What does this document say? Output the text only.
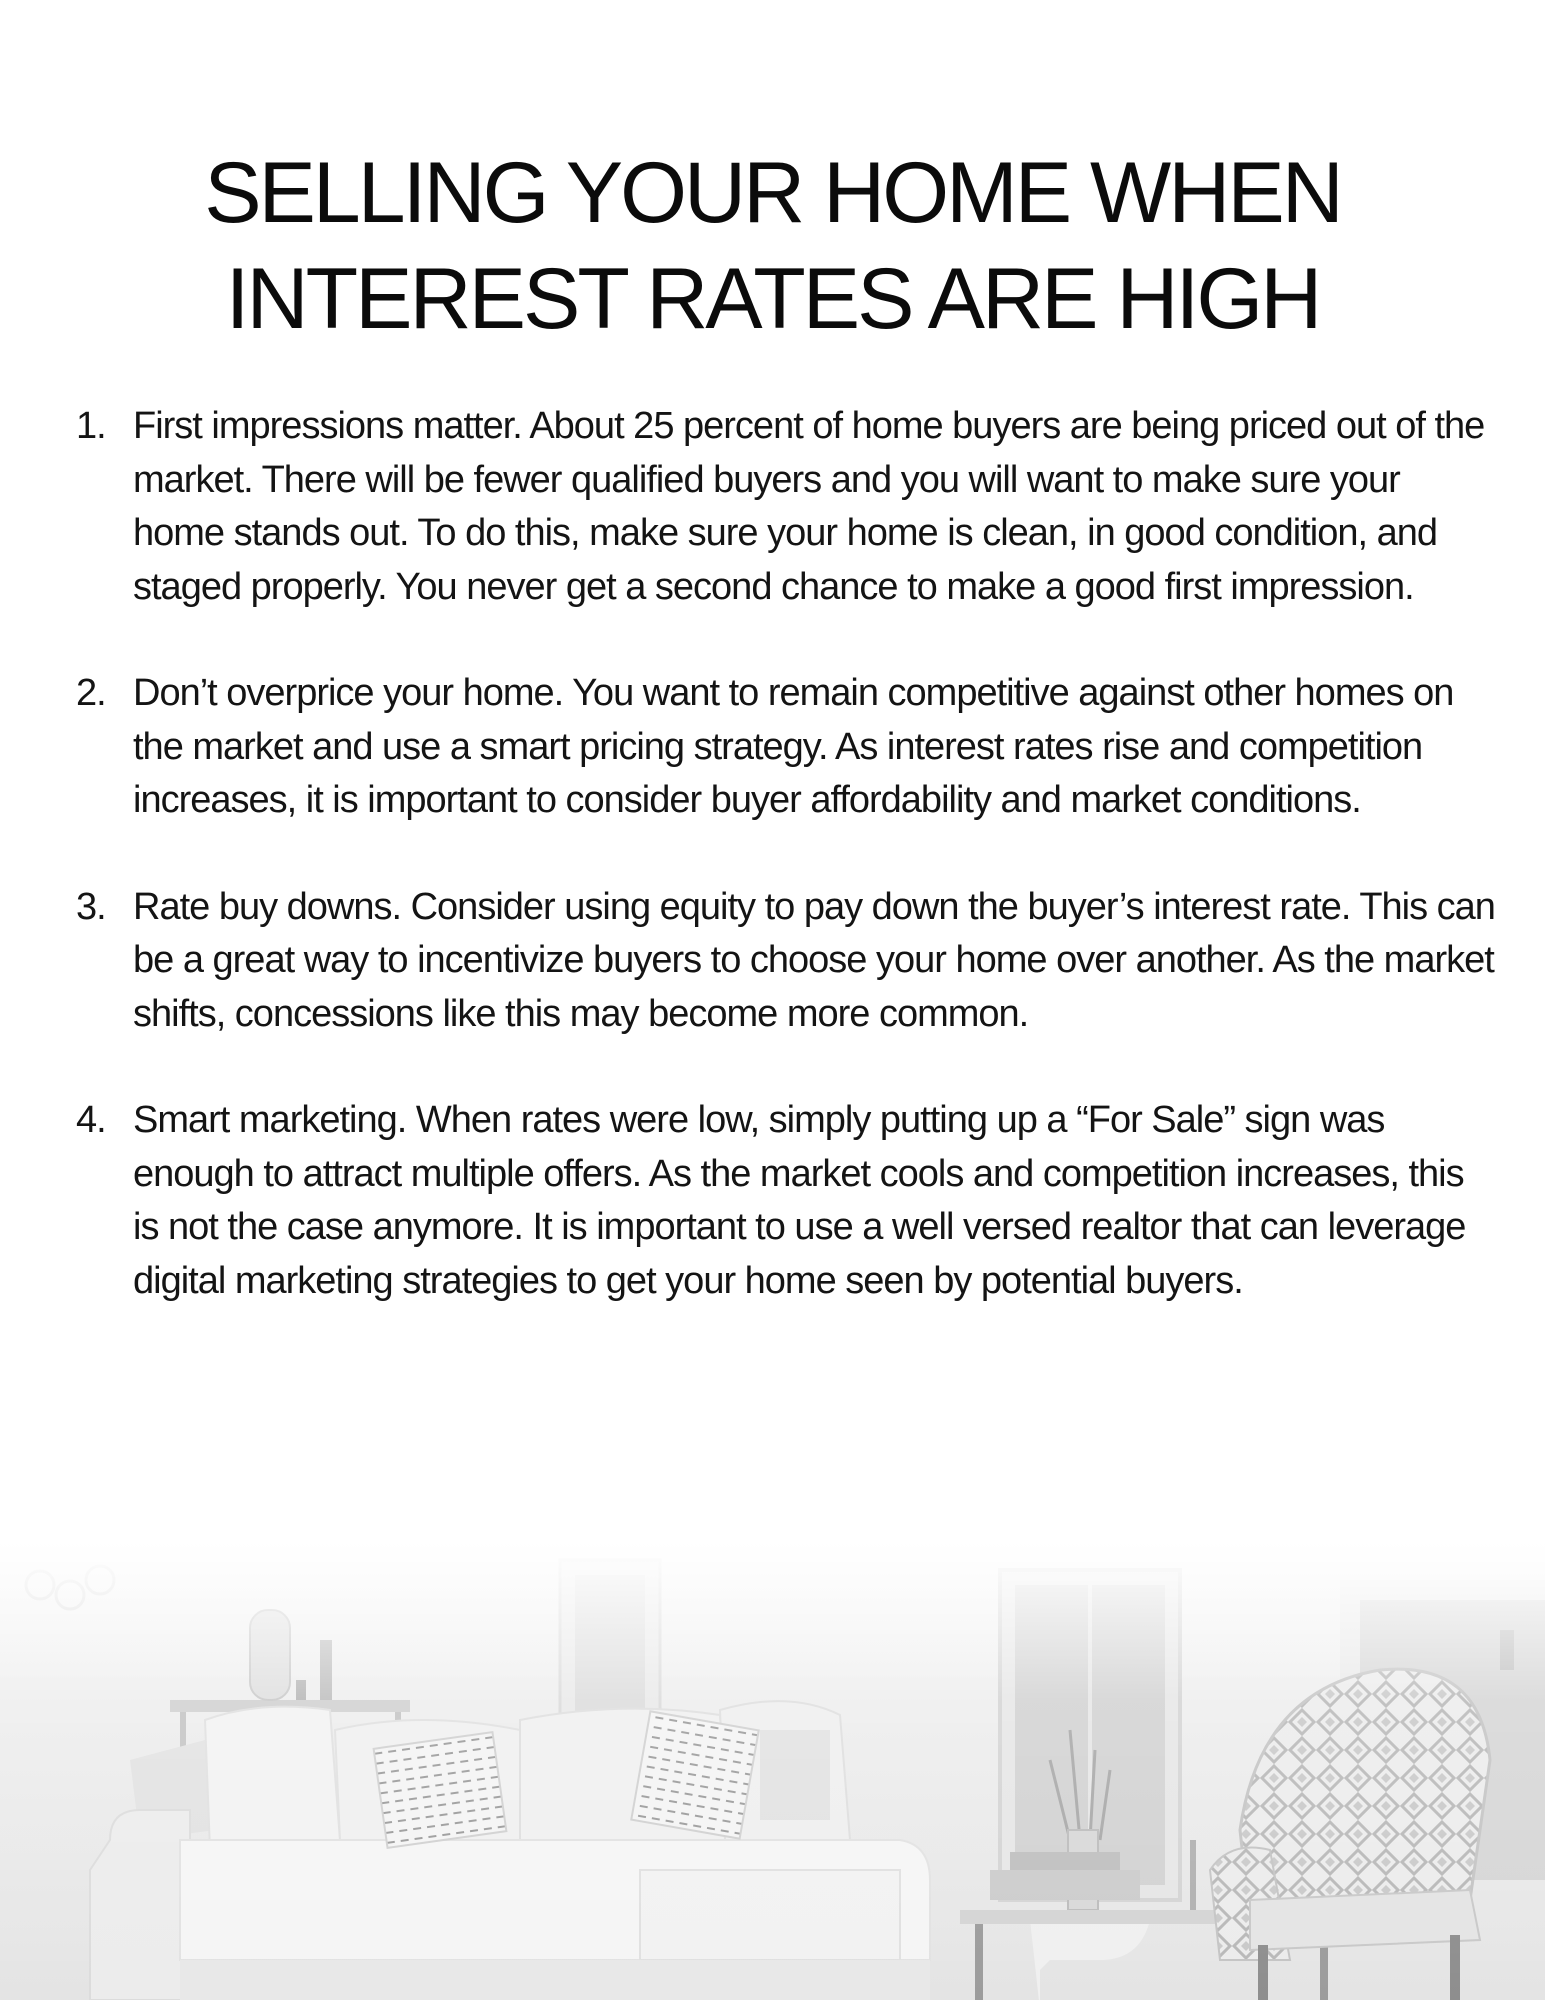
SELLING YOUR HOME WHEN
INTEREST RATES ARE HIGH
1. First impressions matter. About 25 percent of home buyers are being priced out of the market. There will be fewer qualified buyers and you will want to make sure your home stands out. To do this, make sure your home is clean, in good condition, and staged properly. You never get a second chance to make a good first impression.
2. Don’t overprice your home. You want to remain competitive against other homes on the market and use a smart pricing strategy. As interest rates rise and competition increases, it is important to consider buyer affordability and market conditions.
3. Rate buy downs. Consider using equity to pay down the buyer’s interest rate. This can be a great way to incentivize buyers to choose your home over another. As the market shifts, concessions like this may become more common.
4. Smart marketing. When rates were low, simply putting up a “For Sale” sign was enough to attract multiple offers. As the market cools and competition increases, this is not the case anymore. It is important to use a well versed realtor that can leverage digital marketing strategies to get your home seen by potential buyers.
